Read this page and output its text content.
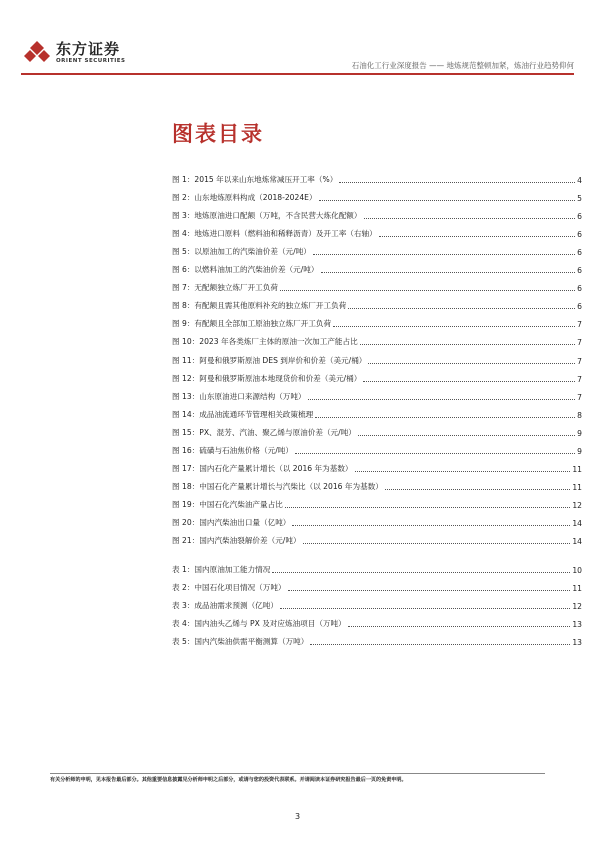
东方证券
ORIENT SECURITIES	石油化工行业深度报告 —— 地炼规范整顿加紧，炼油行业趋势仰何
图表目录
图 1：2015 年以来山东地炼常减压开工率（%）	4
图 2：山东地炼原料构成（2018-2024E）	5
图 3：地炼原油进口配额（万吨，不含民营大炼化配额）	6
图 4：地炼进口原料（燃料油和稀释沥青）及开工率（右轴）	6
图 5：以原油加工的汽柴油价差（元/吨）	6
图 6：以燃料油加工的汽柴油价差（元/吨）	6
图 7：无配额独立炼厂开工负荷	6
图 8：有配额且需其他原料补充的独立炼厂开工负荷	6
图 9：有配额且全部加工原油独立炼厂开工负荷	7
图 10：2023 年各类炼厂主体的原油一次加工产能占比	7
图 11：阿曼和俄罗斯原油 DES 到岸价和价差（美元/桶）	7
图 12：阿曼和俄罗斯原油本地现货价和价差（美元/桶）	7
图 13：山东原油进口来源结构（万吨）	7
图 14：成品油流通环节管理相关政策梳理	8
图 15：PX、混芳、汽油、聚乙烯与原油价差（元/吨）	9
图 16：硫磺与石油焦价格（元/吨）	9
图 17：国内石化产量累计增长（以 2016 年为基数）	11
图 18：中国石化产量累计增长与汽柴比（以 2016 年为基数）	11
图 19：中国石化汽柴油产量占比	12
图 20：国内汽柴油出口量（亿吨）	14
图 21：国内汽柴油裂解价差（元/吨）	14
表 1：国内原油加工能力情况	10
表 2：中国石化项目情况（万吨）	11
表 3：成品油需求预测（亿吨）	12
表 4：国内油头乙烯与 PX 及对应炼油项目（万吨）	13
表 5：国内汽柴油供需平衡测算（万吨）	13
有关分析师的申明，见本报告最后部分。其他重要信息披露见分析师申明之后部分，或请与您的投资代表联系。并请阅读本证券研究报告最后一页的免责申明。
3
